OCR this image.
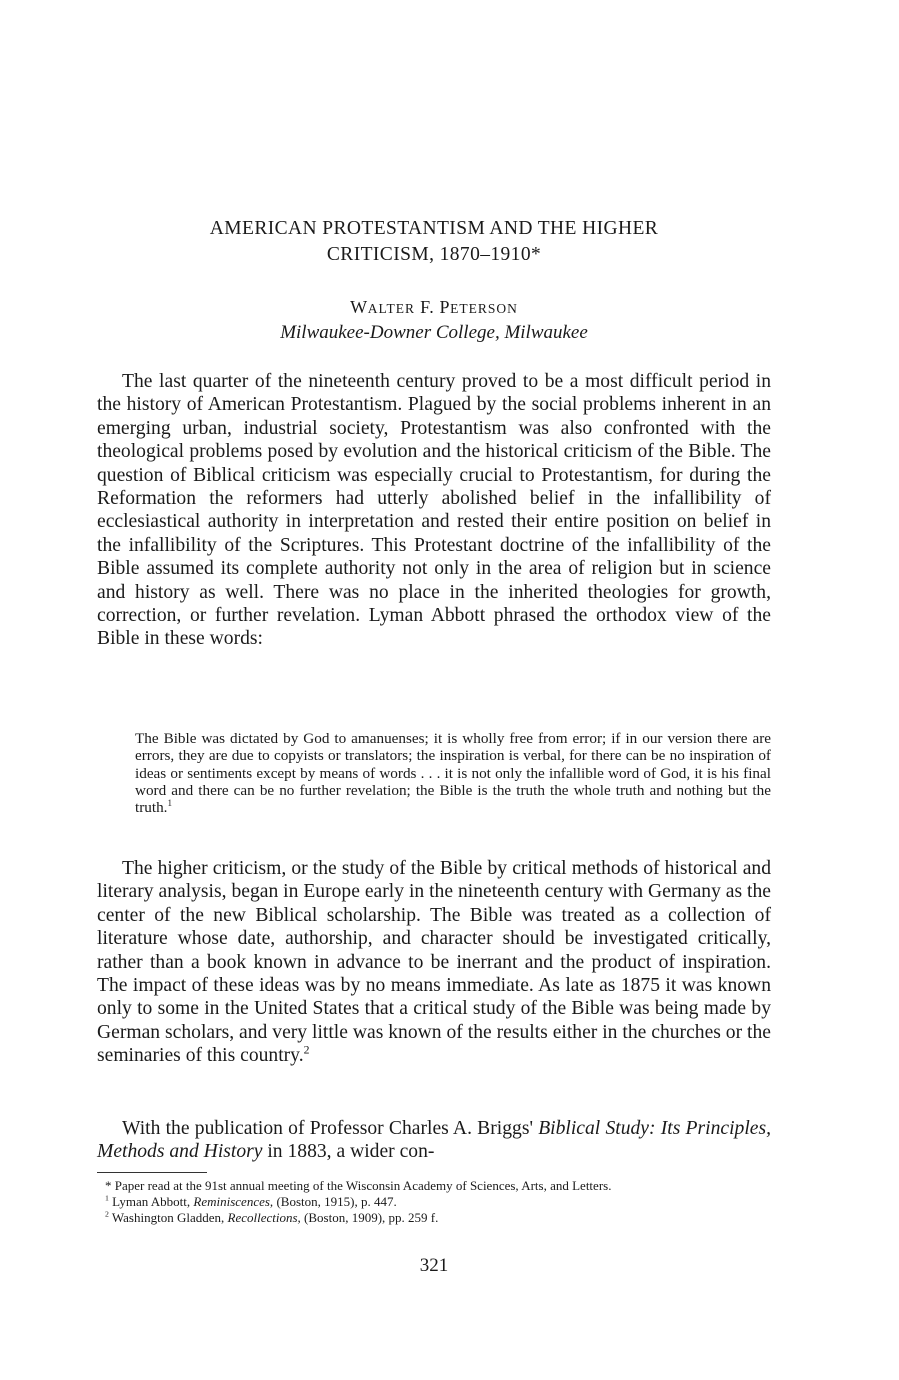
AMERICAN PROTESTANTISM AND THE HIGHER
CRITICISM, 1870–1910*
WALTER F. PETERSON
Milwaukee-Downer College, Milwaukee

The last quarter of the nineteenth century proved to be a most difficult period in the history of American Protestantism. Plagued by the social problems inherent in an emerging urban, industrial society, Protestantism was also confronted with the theological problems posed by evolution and the historical criticism of the Bible. The question of Biblical criticism was especially crucial to Protestantism, for during the Reformation the reformers had utterly abolished belief in the infallibility of ecclesiastical authority in interpretation and rested their entire position on belief in the infallibility of the Scriptures. This Protestant doctrine of the infallibility of the Bible assumed its complete authority not only in the area of religion but in science and history as well. There was no place in the inherited theologies for growth, correction, or further revelation. Lyman Abbott phrased the orthodox view of the Bible in these words:

The Bible was dictated by God to amanuenses; it is wholly free from error; if in our version there are errors, they are due to copyists or translators; the inspiration is verbal, for there can be no inspiration of ideas or sentiments except by means of words . . . it is not only the infallible word of God, it is his final word and there can be no further revelation; the Bible is the truth the whole truth and nothing but the truth.$^1$

The higher criticism, or the study of the Bible by critical methods of historical and literary analysis, began in Europe early in the nineteenth century with Germany as the center of the new Biblical scholarship. The Bible was treated as a collection of literature whose date, authorship, and character should be investigated critically, rather than a book known in advance to be inerrant and the product of inspiration. The impact of these ideas was by no means immediate. As late as 1875 it was known only to some in the United States that a critical study of the Bible was being made by German scholars, and very little was known of the results either in the churches or the seminaries of this country.$^2$

With the publication of Professor Charles A. Briggs' Biblical Study: Its Principles, Methods and History in 1883, a wider con-

* Paper read at the 91st annual meeting of the Wisconsin Academy of Sciences, Arts, and Letters.

$^1$ Lyman Abbott, Reminiscences, (Boston, 1915), p. 447.

$^2$ Washington Gladden, Recollections, (Boston, 1909), pp. 259 f.

321
